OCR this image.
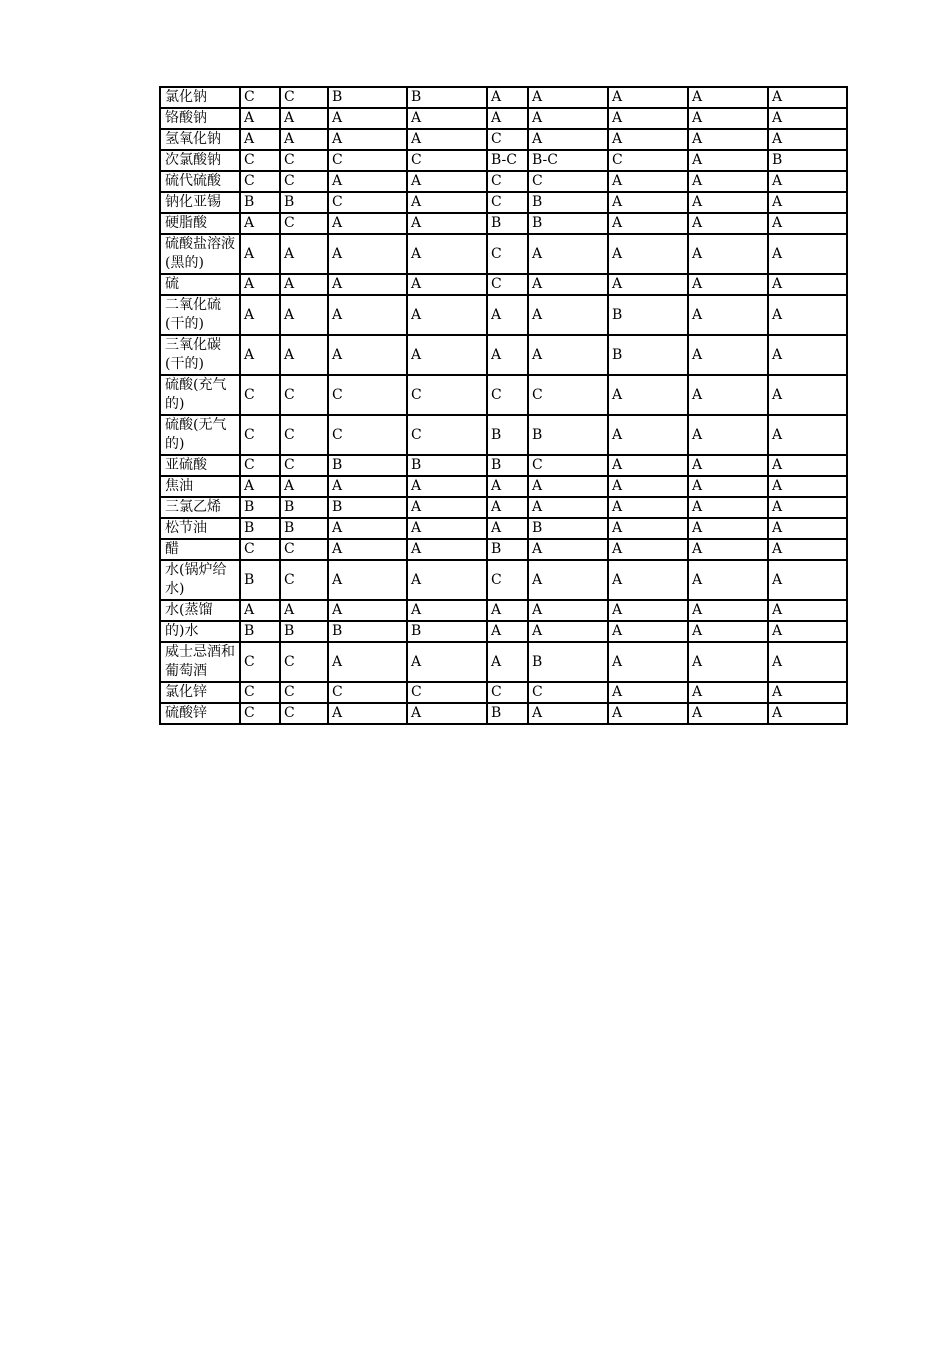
氯化钠	C	C	B	B	A	A	A	A	A
铬酸钠	A	A	A	A	A	A	A	A	A
氢氧化钠	A	A	A	A	C	A	A	A	A
次氯酸钠	C	C	C	C	B-C	B-C	C	A	B
硫代硫酸	C	C	A	A	C	C	A	A	A
钠化亚锡	B	B	C	A	C	B	A	A	A
硬脂酸	A	C	A	A	B	B	A	A	A
硫酸盐溶液(黑的)	A	A	A	A	C	A	A	A	A
硫	A	A	A	A	C	A	A	A	A
二氧化硫(干的)	A	A	A	A	A	A	B	A	A
三氧化碳(干的)	A	A	A	A	A	A	B	A	A
硫酸(充气的)	C	C	C	C	C	C	A	A	A
硫酸(无气的)	C	C	C	C	B	B	A	A	A
亚硫酸	C	C	B	B	B	C	A	A	A
焦油	A	A	A	A	A	A	A	A	A
三氯乙烯	B	B	B	A	A	A	A	A	A
松节油	B	B	A	A	A	B	A	A	A
醋	C	C	A	A	B	A	A	A	A
水(锅炉给水)	B	C	A	A	C	A	A	A	A
水(蒸馏	A	A	A	A	A	A	A	A	A
的)水	B	B	B	B	A	A	A	A	A
威士忌酒和葡萄酒	C	C	A	A	A	B	A	A	A
氯化锌	C	C	C	C	C	C	A	A	A
硫酸锌	C	C	A	A	B	A	A	A	A
